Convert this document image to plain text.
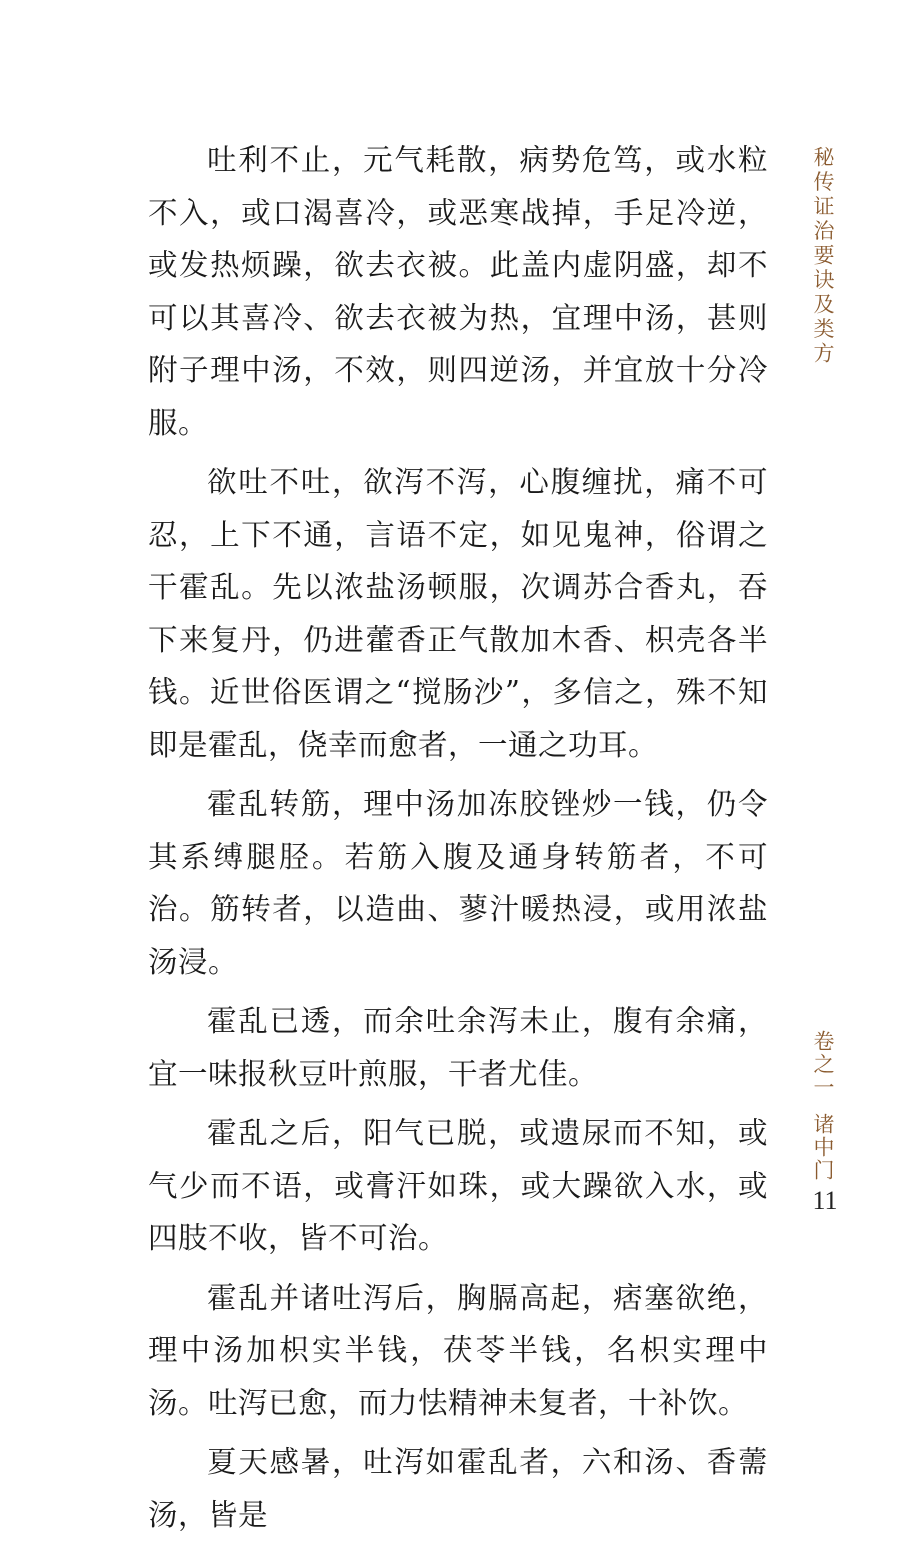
吐利不止，元气耗散，病势危笃，或水粒不入，或口渴喜冷，或恶寒战掉，手足冷逆，或发热烦躁，欲去衣被。此盖内虚阴盛，却不可以其喜冷、欲去衣被为热，宜理中汤，甚则附子理中汤，不效，则四逆汤，并宜放十分冷服。

欲吐不吐，欲泻不泻，心腹缠扰，痛不可忍，上下不通，言语不定，如见鬼神，俗谓之干霍乱。先以浓盐汤顿服，次调苏合香丸，吞下来复丹，仍进藿香正气散加木香、枳壳各半钱。近世俗医谓之“搅肠沙”，多信之，殊不知即是霍乱，侥幸而愈者，一通之功耳。

霍乱转筋，理中汤加冻胶锉炒一钱，仍令其系缚腿胫。若筋入腹及通身转筋者，不可治。筋转者，以造曲、蓼汁暖热浸，或用浓盐汤浸。

霍乱已透，而余吐余泻未止，腹有余痛，宜一味报秋豆叶煎服，干者尤佳。

霍乱之后，阳气已脱，或遗尿而不知，或气少而不语，或膏汗如珠，或大躁欲入水，或四肢不收，皆不可治。

霍乱并诸吐泻后，胸膈高起，痞塞欲绝，理中汤加枳实半钱，茯苓半钱，名枳实理中汤。吐泻已愈，而力怯精神未复者，十补饮。

夏天感暑，吐泻如霍乱者，六和汤、香薷汤，皆是

秘传证治要诀及类方
卷之一诸中门
11
